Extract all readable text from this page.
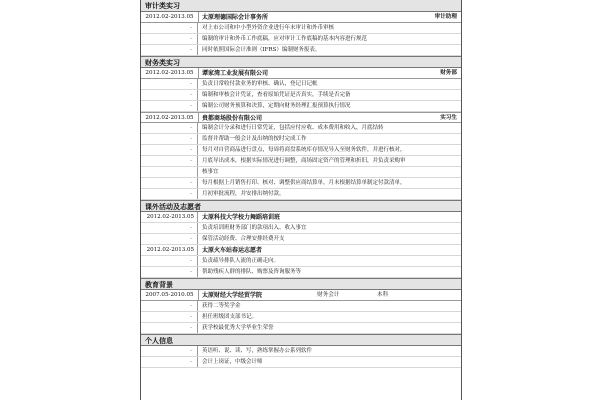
审计类实习
2012.02-2013.05	太原理德国际会计事务所	审计助理
-	对上市公司和中小型外资企业进行年末审计和外币审核
-	编制的审计和外币工作底稿，应对审计工作底稿的基本内容进行规范
-	同时依照国际会计准则（IFRS）编制财务报表。
财务类实习
2012.02-2013.05	谭家湾工业发展有限公司	财务部
-	负责日常收付款业务的审核、确认，登记日记帐
-	编制和审核会计凭证，查看原始凭证是否真实，手续是否完备
-	编制公司财务预算和决算，定期向财务经理汇报预算执行情况
2012.02-2013.05	贵都商场股份有限公司	实习生
-	编制会计分录和进行日常凭证，包括应付应收、成本费用和收入，月底结转
-	监督并帮助一般会计及出纳的按时完成工作
-	每月对自营商品进行盘点，每周将商盘系统库存情况导入至财务软件，并进行核对，
-	月底导出成本，根据实际情况进行调整，商场固定资产的管理和折旧，并负责采购审
核事宜
-	每月根据上月销售打印、核对、调整供应商结算单，月末根据结算单制定付款清单，
-	月初审批流程，并安排出纳付款。
课外活动及志愿者
2012.02-2013.05	太原科技大学校力舞蹈培训班
-	负责培训班财务部门的款项出入、收入事宜
-	保管活动经费、合理安排经费开支
2012.02-2013.05	太原火车站春运志愿者
-	负责疏导排队人流的正确走向。
-	帮助残疾人群的排队、购票及咨询服务等
教育背景
2007.05-2010.05	太原财经大学经贸学院	财务会计	本科
-	获得二等奖学金
-	担任班级团支部书记。
-	获学校最优秀大学毕业生荣誉
个人信息
-	英语听、说、读、写，熟练掌握办公系列软件
-	会计上岗证，中级会计师
